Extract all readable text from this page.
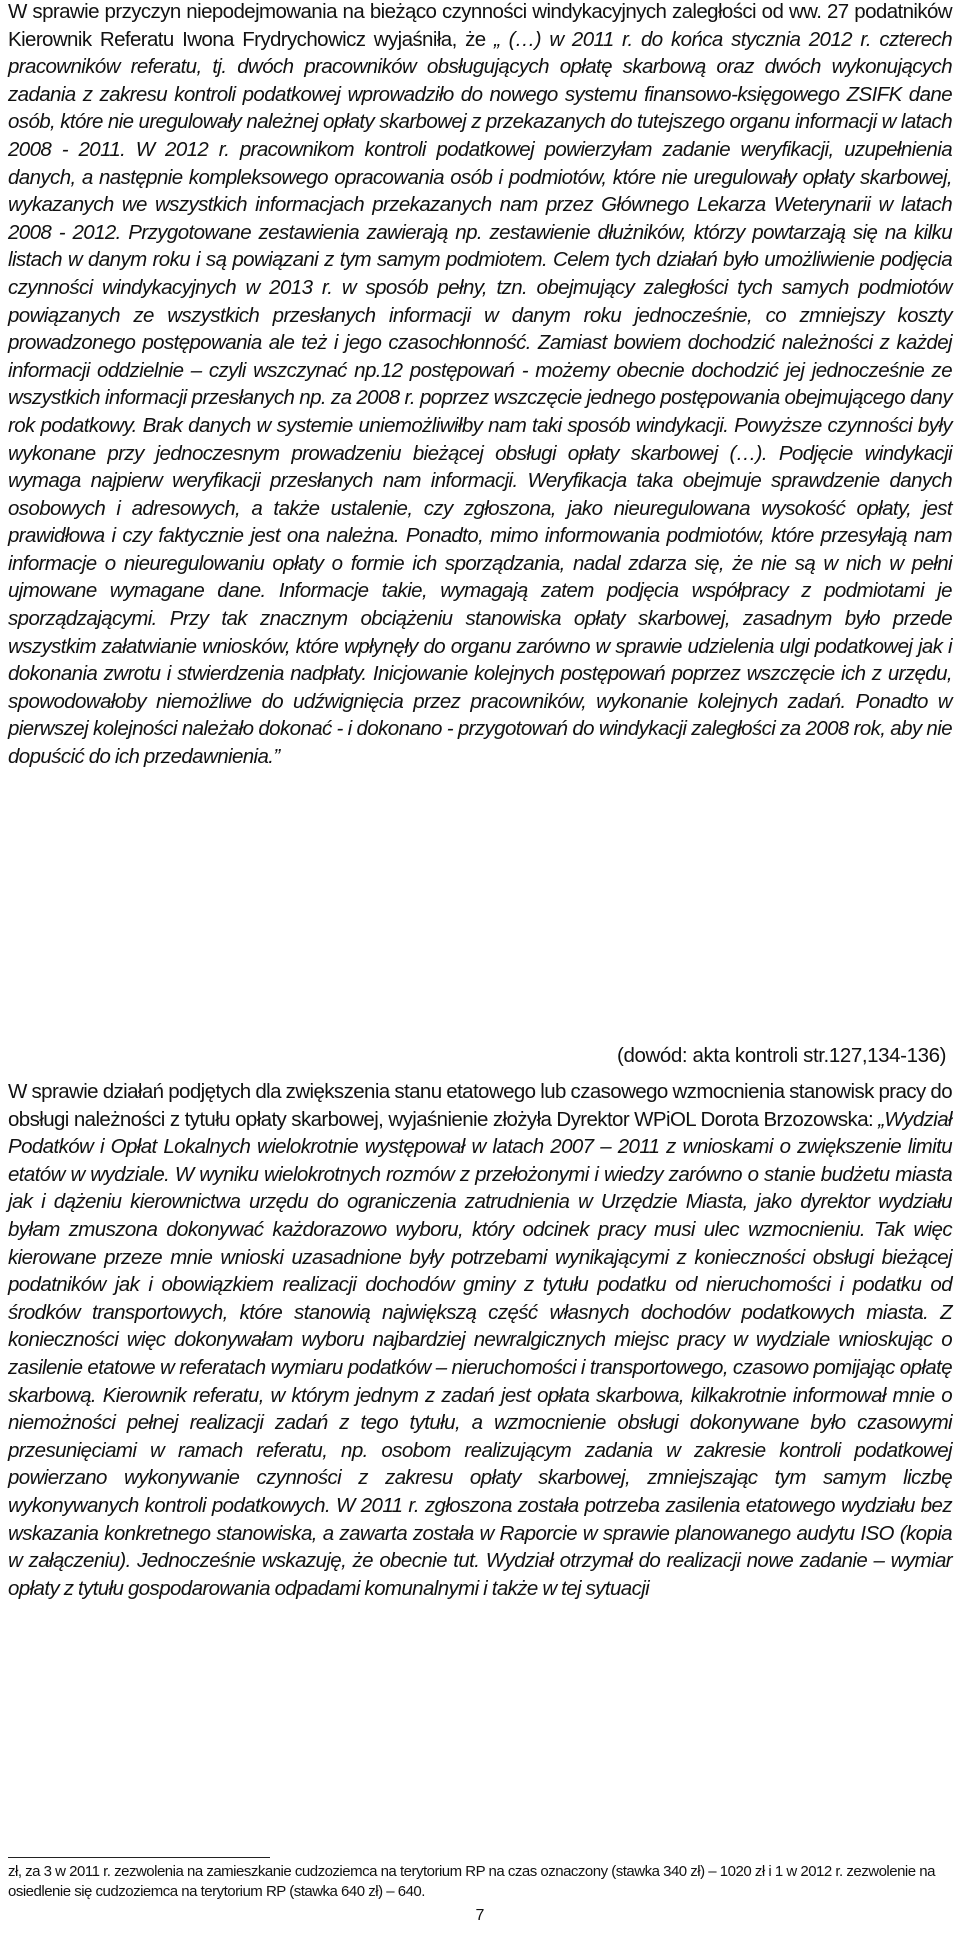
W sprawie przyczyn niepodejmowania na bieżąco czynności windykacyjnych zaległości od ww. 27 podatników Kierownik Referatu Iwona Frydrychowicz wyjaśniła, że „ (…) w 2011 r. do końca stycznia 2012 r. czterech pracowników referatu, tj. dwóch pracowników obsługujących opłatę skarbową oraz dwóch wykonujących zadania z zakresu kontroli podatkowej wprowadziło do nowego systemu finansowo-księgowego ZSIFK dane osób, które nie uregulowały należnej opłaty skarbowej z przekazanych do tutejszego organu informacji w latach 2008 - 2011. W 2012 r. pracownikom kontroli podatkowej powierzyłam zadanie weryfikacji, uzupełnienia danych, a następnie kompleksowego opracowania osób i podmiotów, które nie uregulowały opłaty skarbowej, wykazanych we wszystkich informacjach przekazanych nam przez Głównego Lekarza Weterynarii w latach 2008 - 2012. Przygotowane zestawienia zawierają np. zestawienie dłużników, którzy powtarzają się na kilku listach w danym roku i są powiązani z tym samym podmiotem. Celem tych działań było umożliwienie podjęcia czynności windykacyjnych w 2013 r. w sposób pełny, tzn. obejmujący zaległości tych samych podmiotów powiązanych ze wszystkich przesłanych informacji w danym roku jednocześnie, co zmniejszy koszty prowadzonego postępowania ale też i jego czasochłonność. Zamiast bowiem dochodzić należności z każdej informacji oddzielnie – czyli wszczynać np.12 postępowań - możemy obecnie dochodzić jej jednocześnie ze wszystkich informacji przesłanych np. za 2008 r. poprzez wszczęcie jednego postępowania obejmującego dany rok podatkowy. Brak danych w systemie uniemożliwiłby nam taki sposób windykacji. Powyższe czynności były wykonane przy jednoczesnym prowadzeniu bieżącej obsługi opłaty skarbowej (…). Podjęcie windykacji wymaga najpierw weryfikacji przesłanych nam informacji. Weryfikacja taka obejmuje sprawdzenie danych osobowych i adresowych, a także ustalenie, czy zgłoszona, jako nieuregulowana wysokość opłaty, jest prawidłowa i czy faktycznie jest ona należna. Ponadto, mimo informowania podmiotów, które przesyłają nam informacje o nieuregulowaniu opłaty o formie ich sporządzania, nadal zdarza się, że nie są w nich w pełni ujmowane wymagane dane. Informacje takie, wymagają zatem podjęcia współpracy z podmiotami je sporządzającymi. Przy tak znacznym obciążeniu stanowiska opłaty skarbowej, zasadnym było przede wszystkim załatwianie wniosków, które wpłynęły do organu zarówno w sprawie udzielenia ulgi podatkowej jak i dokonania zwrotu i stwierdzenia nadpłaty. Inicjowanie kolejnych postępowań poprzez wszczęcie ich z urzędu, spowodowałoby niemożliwe do udźwignięcia przez pracowników, wykonanie kolejnych zadań. Ponadto w pierwszej kolejności należało dokonać - i dokonano - przygotowań do windykacji zaległości za 2008 rok, aby nie dopuścić do ich przedawnienia.”

(dowód: akta kontroli str.127,134-136)

W sprawie działań podjętych dla zwiększenia stanu etatowego lub czasowego wzmocnienia stanowisk pracy do obsługi należności z tytułu opłaty skarbowej, wyjaśnienie złożyła Dyrektor WPiOL Dorota Brzozowska: „Wydział Podatków i Opłat Lokalnych wielokrotnie występował w latach 2007 – 2011 z wnioskami o zwiększenie limitu etatów w wydziale. W wyniku wielokrotnych rozmów z przełożonymi i wiedzy zarówno o stanie budżetu miasta jak i dążeniu kierownictwa urzędu do ograniczenia zatrudnienia w Urzędzie Miasta, jako dyrektor wydziału byłam zmuszona dokonywać każdorazowo wyboru, który odcinek pracy musi ulec wzmocnieniu. Tak więc kierowane przeze mnie wnioski uzasadnione były potrzebami wynikającymi z konieczności obsługi bieżącej podatników jak i obowiązkiem realizacji dochodów gminy z tytułu podatku od nieruchomości i podatku od środków transportowych, które stanowią największą część własnych dochodów podatkowych miasta. Z konieczności więc dokonywałam wyboru najbardziej newralgicznych miejsc pracy w wydziale wnioskując o zasilenie etatowe w referatach wymiaru podatków – nieruchomości i transportowego, czasowo pomijając opłatę skarbową. Kierownik referatu, w którym jednym z zadań jest opłata skarbowa, kilkakrotnie informował mnie o niemożności pełnej realizacji zadań z tego tytułu, a wzmocnienie obsługi dokonywane było czasowymi przesunięciami w ramach referatu, np. osobom realizującym zadania w zakresie kontroli podatkowej powierzano wykonywanie czynności z zakresu opłaty skarbowej, zmniejszając tym samym liczbę wykonywanych kontroli podatkowych. W 2011 r. zgłoszona została potrzeba zasilenia etatowego wydziału bez wskazania konkretnego stanowiska, a zawarta została w Raporcie w sprawie planowanego audytu ISO (kopia w załączeniu). Jednocześnie wskazuję, że obecnie tut. Wydział otrzymał do realizacji nowe zadanie – wymiar opłaty z tytułu gospodarowania odpadami komunalnymi i także w tej sytuacji

zł, za 3 w 2011 r. zezwolenia na zamieszkanie cudzoziemca na terytorium RP na czas oznaczony (stawka 340 zł) – 1020 zł i 1 w 2012 r. zezwolenie na osiedlenie się cudzoziemca na terytorium RP (stawka 640 zł) – 640.
7
